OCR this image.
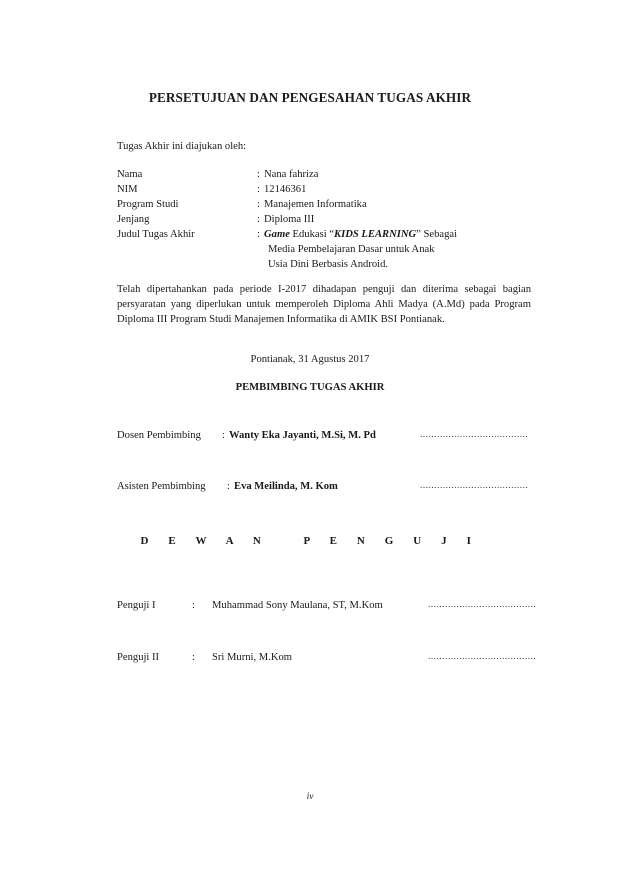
PERSETUJUAN DAN PENGESAHAN TUGAS AKHIR
Tugas Akhir ini diajukan oleh:
Nama	: Nana fahriza
NIM	: 12146361
Program Studi	: Manajemen Informatika
Jenjang	: Diploma III
Judul Tugas Akhir	: Game Edukasi “KIDS LEARNING” Sebagai
Media Pembelajaran Dasar untuk Anak
Usia Dini Berbasis Android.
Telah dipertahankan pada periode I-2017 dihadapan penguji dan diterima sebagai bagian persyaratan yang diperlukan untuk memperoleh Diploma Ahli Madya (A.Md) pada Program Diploma III Program Studi Manajemen Informatika di AMIK BSI Pontianak.
Pontianak, 31 Agustus 2017
PEMBIMBING TUGAS AKHIR
Dosen Pembimbing : Wanty Eka Jayanti, M.Si, M. Pd	......................................
Asisten Pembimbing : Eva Meilinda, M. Kom	......................................
D E W A N   P E N G U J I
Penguji I	: Muhammad Sony Maulana, ST, M.Kom	......................................
Penguji II	: Sri Murni, M.Kom	......................................
iv
